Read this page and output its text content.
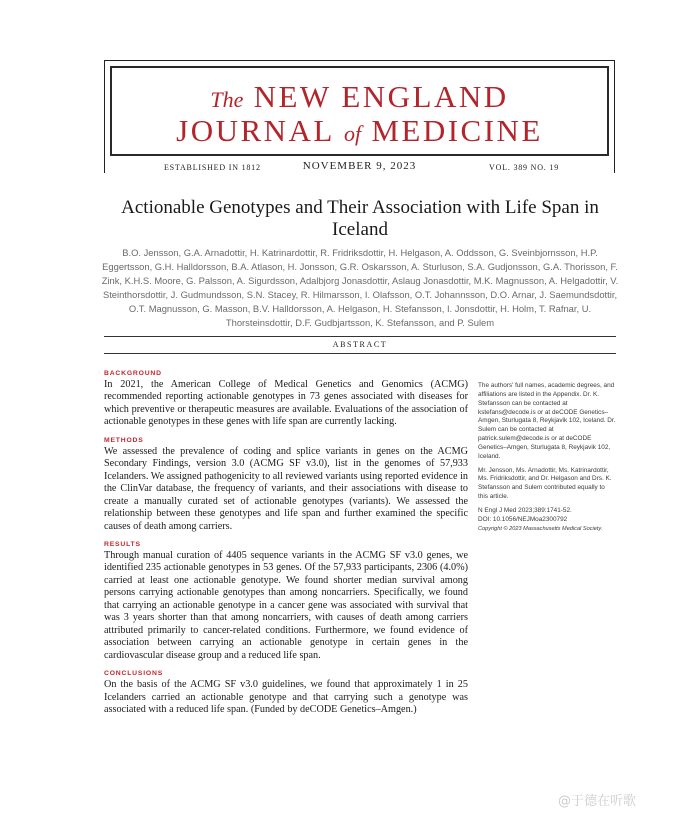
The NEW ENGLAND
JOURNAL of MEDICINE
ESTABLISHED IN 1812	NOVEMBER 9, 2023	VOL. 389 NO. 19
Actionable Genotypes and Their Association with Life Span in Iceland
B.O. Jensson, G.A. Arnadottir, H. Katrinardottir, R. Fridriksdottir, H. Helgason, A. Oddsson, G. Sveinbjornsson, H.P. Eggertsson, G.H. Halldorsson, B.A. Atlason, H. Jonsson, G.R. Oskarsson, A. Sturluson, S.A. Gudjonsson, G.A. Thorisson, F. Zink, K.H.S. Moore, G. Palsson, A. Sigurdsson, Adalbjorg Jonasdottir, Aslaug Jonasdottir, M.K. Magnusson, A. Helgadottir, V. Steinthorsdottir, J. Gudmundsson, S.N. Stacey, R. Hilmarsson, I. Olafsson, O.T. Johannsson, D.O. Arnar, J. Saemundsdottir, O.T. Magnusson, G. Masson, B.V. Halldorsson, A. Helgason, H. Stefansson, I. Jonsdottir, H. Holm, T. Rafnar, U. Thorsteinsdottir, D.F. Gudbjartsson, K. Stefansson, and P. Sulem
ABSTRACT
BACKGROUND

In 2021, the American College of Medical Genetics and Genomics (ACMG) recommended reporting actionable genotypes in 73 genes associated with diseases for which preventive or therapeutic measures are available. Evaluations of the association of actionable genotypes in these genes with life span are currently lacking.

METHODS

We assessed the prevalence of coding and splice variants in genes on the ACMG Secondary Findings, version 3.0 (ACMG SF v3.0), list in the genomes of 57,933 Icelanders. We assigned pathogenicity to all reviewed variants using reported evidence in the ClinVar database, the frequency of variants, and their associations with disease to create a manually curated set of actionable genotypes (variants). We assessed the relationship between these genotypes and life span and further examined the specific causes of death among carriers.

RESULTS

Through manual curation of 4405 sequence variants in the ACMG SF v3.0 genes, we identified 235 actionable genotypes in 53 genes. Of the 57,933 participants, 2306 (4.0%) carried at least one actionable genotype. We found shorter median survival among persons carrying actionable genotypes than among noncarriers. Specifically, we found that carrying an actionable genotype in a cancer gene was associated with survival that was 3 years shorter than that among noncarriers, with causes of death among carriers attributed primarily to cancer-related conditions. Furthermore, we found evidence of association between carrying an actionable genotype in certain genes in the cardiovascular disease group and a reduced life span.

CONCLUSIONS

On the basis of the ACMG SF v3.0 guidelines, we found that approximately 1 in 25 Icelanders carried an actionable genotype and that carrying such a genotype was associated with a reduced life span. (Funded by deCODE Genetics–Amgen.)

The authors' full names, academic degrees, and affiliations are listed in the Appendix. Dr. K. Stefansson can be contacted at kstefans@decode.is or at deCODE Genetics–Amgen, Sturlugata 8, Reykjavik 102, Iceland. Dr. Sulem can be contacted at patrick.sulem@decode.is or at deCODE Genetics–Amgen, Sturlugata 8, Reykjavik 102, Iceland.

Mr. Jensson, Ms. Arnadottir, Ms. Katrinardottir, Ms. Fridriksdottir, and Dr. Helgason and Drs. K. Stefansson and Sulem contributed equally to this article.

N Engl J Med 2023;389:1741-52.
DOI: 10.1056/NEJMoa2300792
Copyright © 2023 Massachusetts Medical Society.
@于德在听歌
